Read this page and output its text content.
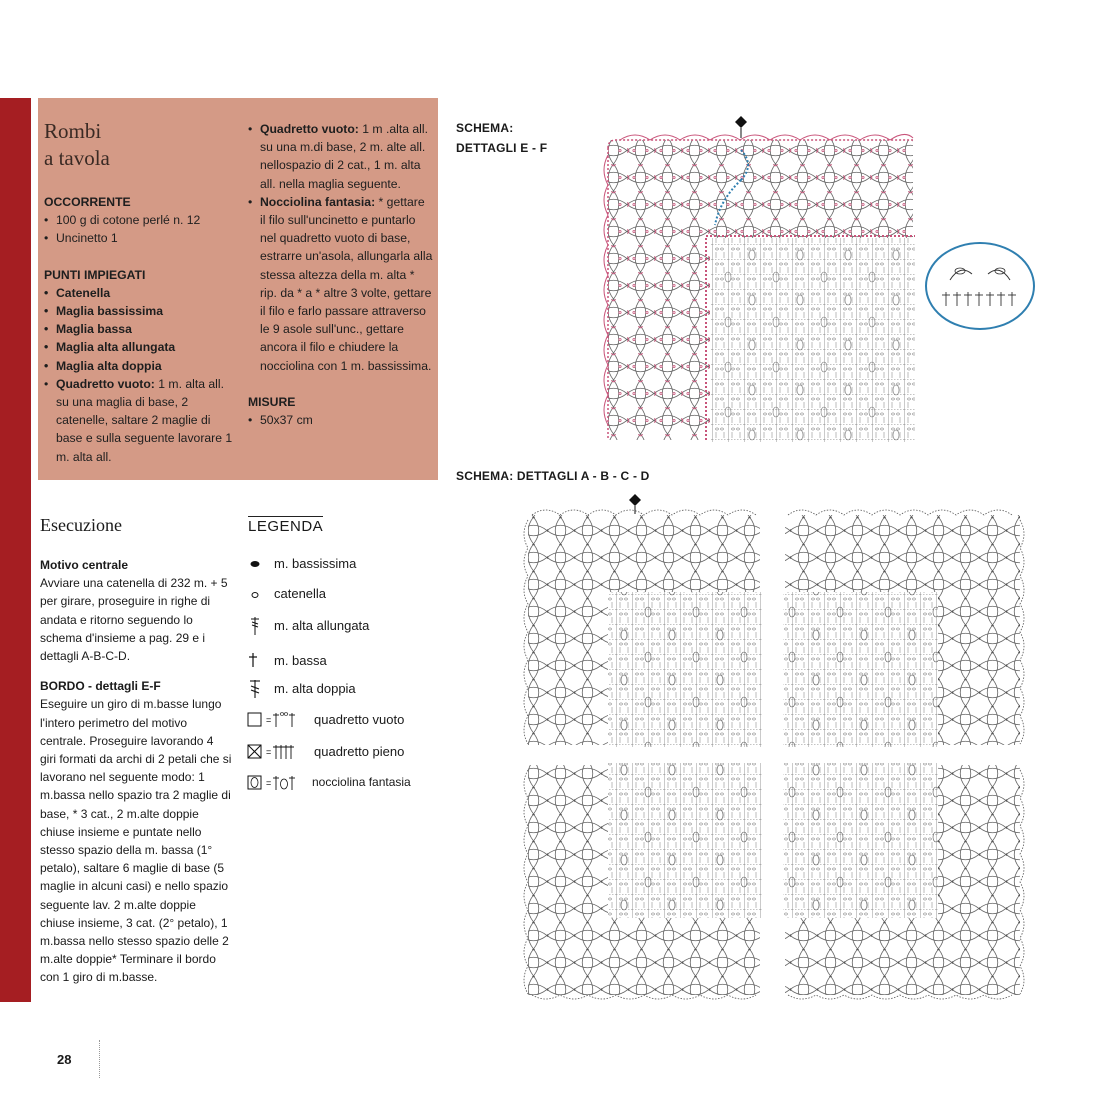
Rombi
a tavola
OCCORRENTE
• 100 g di cotone perlé n. 12
• Uncinetto 1
PUNTI IMPIEGATI
• Catenella
• Maglia bassissima
• Maglia bassa
• Maglia alta allungata
• Maglia alta doppia
• Quadretto vuoto: 1 m. alta all. su una maglia di base, 2 catenelle, saltare 2 maglie di base e sulla seguente lavorare 1 m. alta all.
• Quadretto vuoto: 1 m .alta all. su una m.di base, 2 m. alte all. nellospazio di 2 cat., 1 m. alta all. nella maglia seguente.
• Nocciolina fantasia: * gettare il filo sull'uncinetto e puntarlo nel quadretto vuoto di base, estrarre un'asola, allungarla alla stessa altezza della m. alta * rip. da * a * altre 3 volte, gettare il filo e farlo passare attraverso le 9 asole sull'unc., gettare ancora il filo e chiudere la nocciolina con 1 m. bassissima.
MISURE
• 50x37 cm
SCHEMA:
DETTAGLI E - F
SCHEMA: DETTAGLI A - B - C - D
Esecuzione
Motivo centrale

Avviare una catenella di 232 m. + 5 per girare, proseguire in righe di andata e ritorno seguendo lo schema d'insieme a pag. 29 e i dettagli A-B-C-D.

BORDO - dettagli E-F

Eseguire un giro di m.basse lungo l'intero perimetro del motivo centrale. Proseguire lavorando 4 giri formati da archi di 2 petali che si lavorano nel seguente modo: 1 m.bassa nello spazio tra 2 maglie di base, * 3 cat., 2 m.alte doppie chiuse insieme e puntate nello stesso spazio della m. bassa (1° petalo), saltare 6 maglie di base (5 maglie in alcuni casi) e nello spazio seguente lav. 2 m.alte doppie chiuse insieme, 3 cat. (2° petalo), 1 m.bassa nello stesso spazio delle 2 m.alte doppie* Terminare il bordo con 1 giro di m.basse.

LEGENDA
m. bassissima
catenella
m. alta allungata
m. bassa
m. alta doppia
=	quadretto vuoto
=	quadretto pieno
=	nocciolina fantasia
28
